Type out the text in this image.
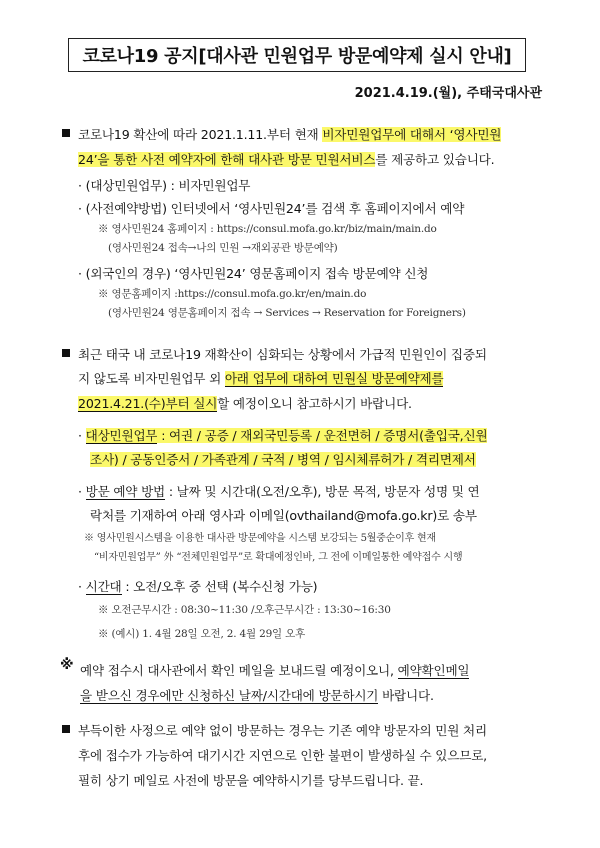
코로나19 공지[대사관 민원업무 방문예약제 실시 안내]
2021.4.19.(월), 주태국대사관
코로나19 확산에 따라 2021.1.11.부터 현재 비자민원업무에 대해서 ‘영사민원
24’을 통한 사전 예약자에 한해 대사관 방문 민원서비스를 제공하고 있습니다.
· (대상민원업무) : 비자민원업무
· (사전예약방법) 인터넷에서 ‘영사민원24’를 검색 후 홈페이지에서 예약
※ 영사민원24 홈페이지 : https://consul.mofa.go.kr/biz/main/main.do
(영사민원24 접속→나의 민원 →재외공관 방문예약)
· (외국인의 경우) ‘영사민원24’ 영문홈페이지 접속 방문예약 신청
※ 영문홈페이지 :https://consul.mofa.go.kr/en/main.do
(영사민원24 영문홈페이지 접속 → Services → Reservation for Foreigners)
최근 태국 내 코로나19 재확산이 심화되는 상황에서 가급적 민원인이 집중되
지 않도록 비자민원업무 외 아래 업무에 대하여 민원실 방문예약제를
2021.4.21.(수)부터 실시할 예정이오니 참고하시기 바랍니다.
· 대상민원업무 : 여권 / 공증 / 재외국민등록 / 운전면허 / 증명서(출입국,신원
조사) / 공동인증서 / 가족관계 / 국적 / 병역 / 임시체류허가 / 격리면제서
· 방문 예약 방법 : 날짜 및 시간대(오전/오후), 방문 목적, 방문자 성명 및 연
락처를 기재하여 아래 영사과 이메일(ovthailand@mofa.go.kr)로 송부
※ 영사민원시스템을 이용한 대사관 방문예약을 시스템 보강되는 5월중순이후 현재
“비자민원업무” 外 “전체민원업무”로 확대예정인바, 그 전에 이메일통한 예약접수 시행
· 시간대 : 오전/오후 중 선택 (복수신청 가능)
※ 오전근무시간 : 08:30~11:30 /오후근무시간 : 13:30~16:30
※ (예시) 1. 4월 28일 오전, 2. 4월 29일 오후
※ 예약 접수시 대사관에서 확인 메일을 보내드릴 예정이오니, 예약확인메일
을 받으신 경우에만 신청하신 날짜/시간대에 방문하시기 바랍니다.
부득이한 사정으로 예약 없이 방문하는 경우는 기존 예약 방문자의 민원 처리
후에 접수가 가능하여 대기시간 지연으로 인한 불편이 발생하실 수 있으므로,
필히 상기 메일로 사전에 방문을 예약하시기를 당부드립니다. 끝.
